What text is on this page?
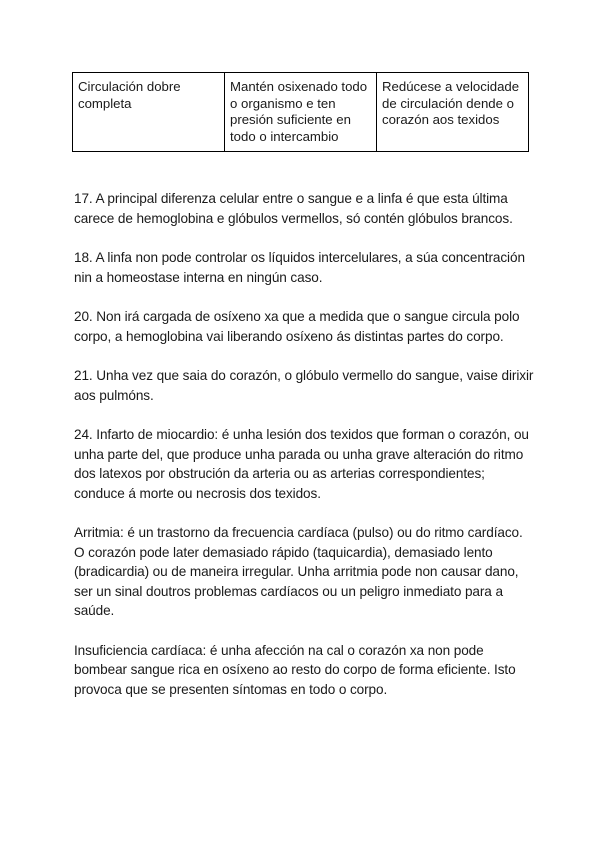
Circulación dobre completa	Mantén osixenado todo o organismo e ten presión suficiente en todo o intercambio	Redúcese a velocidade de circulación dende o corazón aos texidos

17. A principal diferenza celular entre o sangue e a linfa é que esta última carece de hemoglobina e glóbulos vermellos, só contén glóbulos brancos.

18. A linfa non pode controlar os líquidos intercelulares, a súa concentración nin a homeostase interna en ningún caso.

20. Non irá cargada de osíxeno xa que a medida que o sangue circula polo corpo, a hemoglobina vai liberando osíxeno ás distintas partes do corpo.

21. Unha vez que saia do corazón, o glóbulo vermello do sangue, vaise dirixir aos pulmóns.

24. Infarto de miocardio: é unha lesión dos texidos que forman o corazón, ou unha parte del, que produce unha parada ou unha grave alteración do ritmo dos latexos por obstrución da arteria ou as arterias correspondientes; conduce á morte ou necrosis dos texidos.

Arritmia: é un trastorno da frecuencia cardíaca (pulso) ou do ritmo cardíaco. O corazón pode later demasiado rápido (taquicardia), demasiado lento (bradicardia) ou de maneira irregular. Unha arritmia pode non causar dano, ser un sinal doutros problemas cardíacos ou un peligro inmediato para a saúde.

Insuficiencia cardíaca: é unha afección na cal o corazón xa non pode bombear sangue rica en osíxeno ao resto do corpo de forma eficiente. Isto provoca que se presenten síntomas en todo o corpo.
